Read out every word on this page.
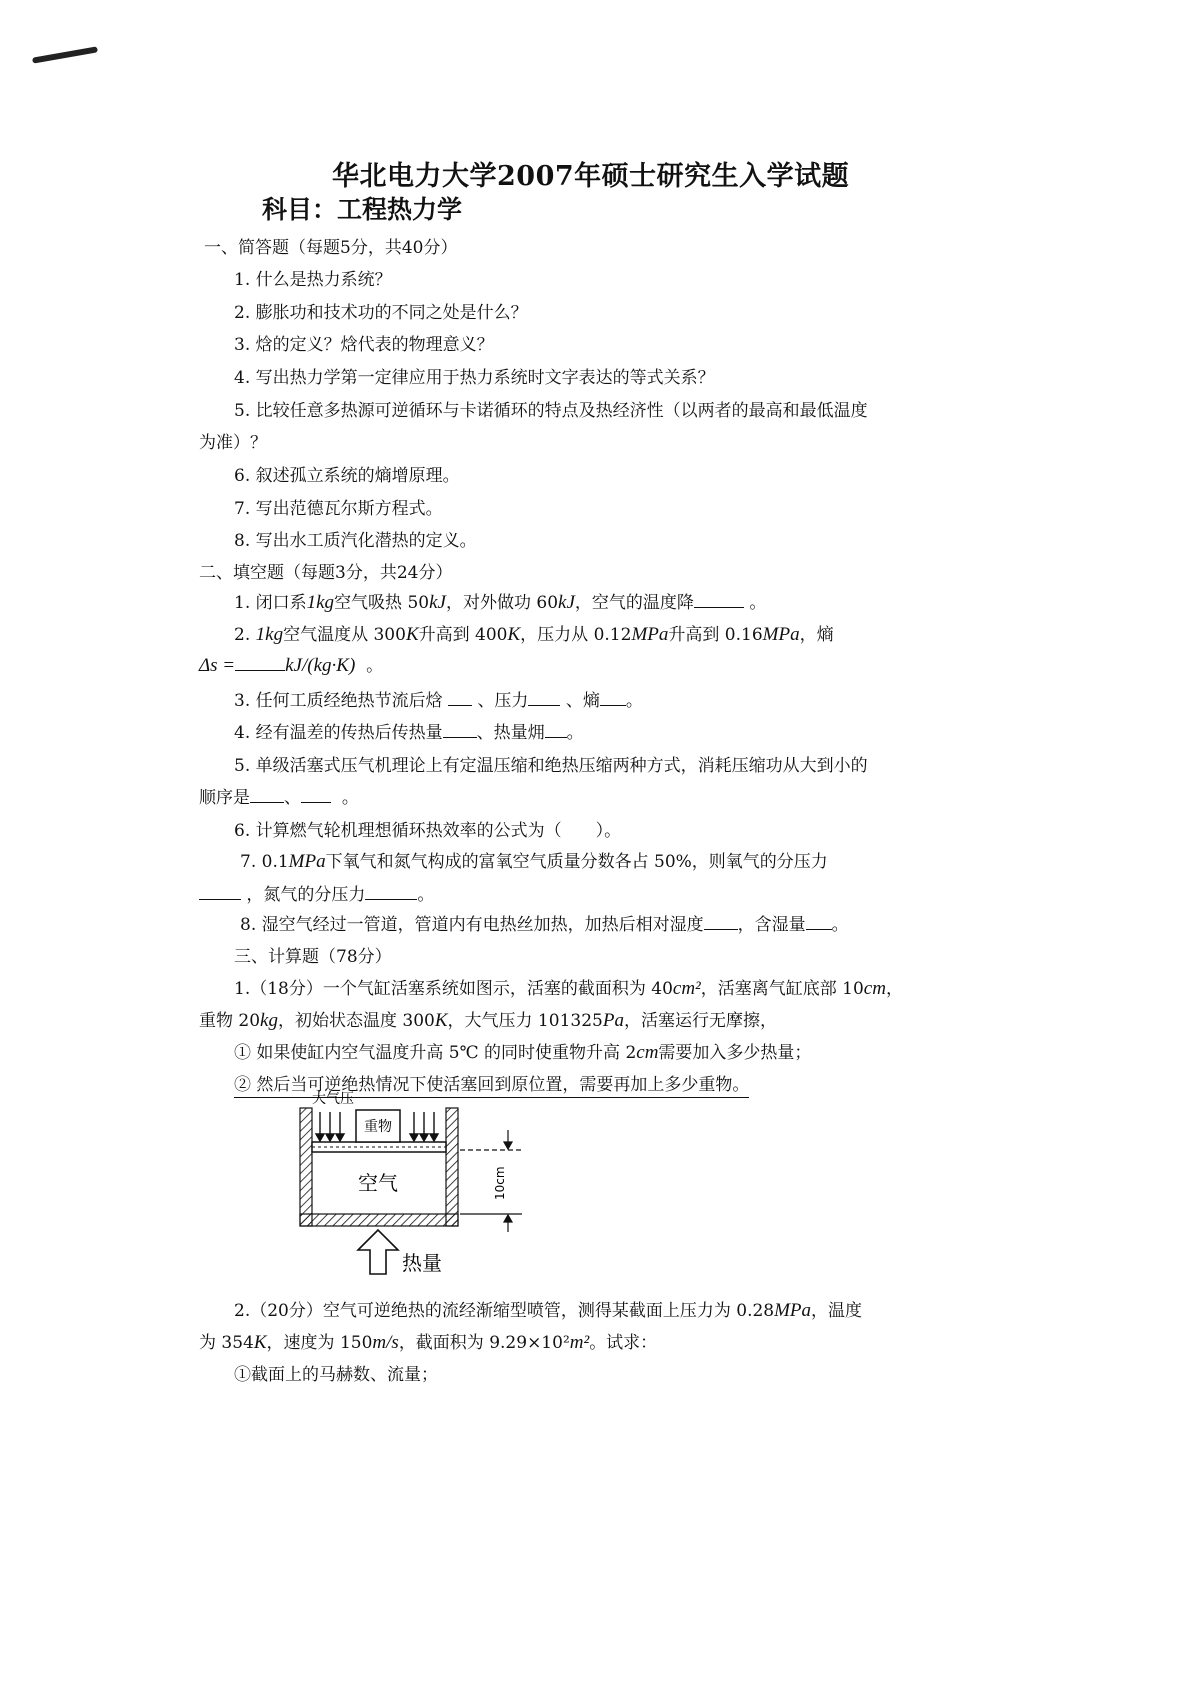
华北电力大学2007年硕士研究生入学试题
科目：工程热力学
一、简答题（每题5分，共40分）
1. 什么是热力系统？
2. 膨胀功和技术功的不同之处是什么？
3. 焓的定义？焓代表的物理意义？
4. 写出热力学第一定律应用于热力系统时文字表达的等式关系？
5. 比较任意多热源可逆循环与卡诺循环的特点及热经济性（以两者的最高和最低温度
为准）？
6. 叙述孤立系统的熵增原理。
7. 写出范德瓦尔斯方程式。
8. 写出水工质汽化潜热的定义。
二、填空题（每题3分，共24分）
1. 闭口系1kg空气吸热 50kJ，对外做功 60kJ，空气的温度降	。
2. 1kg空气温度从 300K升高到 400K，压力从 0.12MPa升高到 0.16MPa，熵
Δs =	kJ/(kg·K) 。
3. 任何工质经绝热节流后焓 、压力 、熵 。
4. 经有温差的传热后传热量 、热量㶲 。
5. 单级活塞式压气机理论上有定温压缩和绝热压缩两种方式，消耗压缩功从大到小的
顺序是 、 。
6. 计算燃气轮机理想循环热效率的公式为（　　）。
7. 0.1MPa下氧气和氮气构成的富氧空气质量分数各占 50%，则氧气的分压力
，氮气的分压力	。
8. 湿空气经过一管道，管道内有电热丝加热，加热后相对湿度 ，含湿量 。
三、计算题（78分）
1.（18分）一个气缸活塞系统如图示，活塞的截面积为 40cm²，活塞离气缸底部 10cm，
重物 20kg，初始状态温度 300K，大气压力 101325Pa，活塞运行无摩擦，
① 如果使缸内空气温度升高 5℃ 的同时使重物升高 2cm需要加入多少热量；
② 然后当可逆绝热情况下使活塞回到原位置，需要再加上多少重物。
重物
大气压
空气	10cm
热量
2.（20分）空气可逆绝热的流经渐缩型喷管，测得某截面上压力为 0.28MPa，温度
为 354K，速度为 150m/s，截面积为 9.29×10²m²。试求：
①截面上的马赫数、流量；
